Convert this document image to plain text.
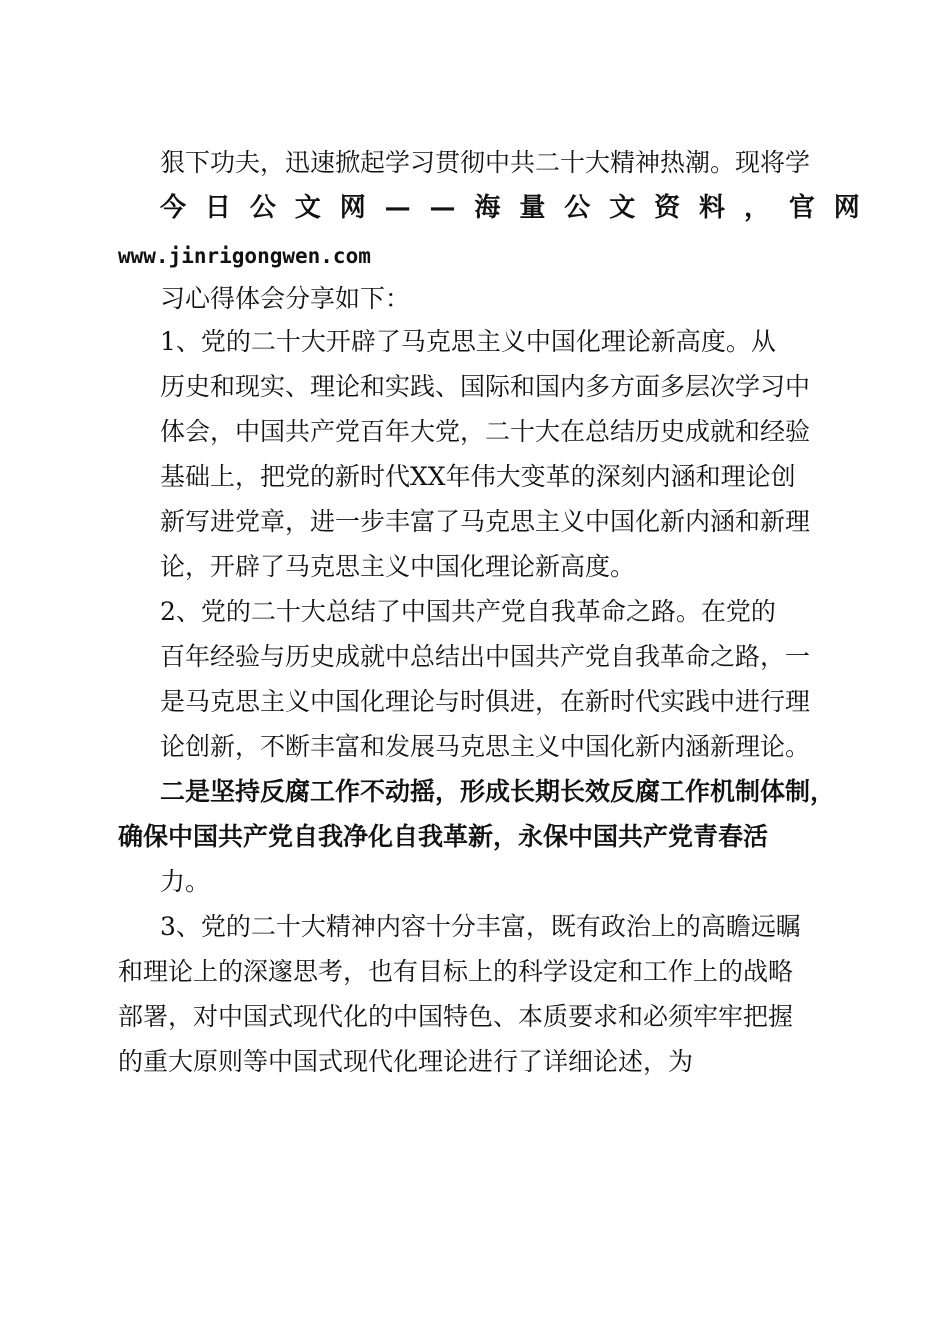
狠下功夫，迅速掀起学习贯彻中共二十大精神热潮。现将学
今 日 公 文 网 — — 海 量 公 文 资 料 ， 官 网
www.jinrigongwen.com
习心得体会分享如下：
1、党的二十大开辟了马克思主义中国化理论新高度。从
历史和现实、理论和实践、国际和国内多方面多层次学习中
体会，中国共产党百年大党，二十大在总结历史成就和经验
基础上，把党的新时代XX年伟大变革的深刻内涵和理论创
新写进党章，进一步丰富了马克思主义中国化新内涵和新理
论，开辟了马克思主义中国化理论新高度。
2、党的二十大总结了中国共产党自我革命之路。在党的
百年经验与历史成就中总结出中国共产党自我革命之路，一
是马克思主义中国化理论与时俱进，在新时代实践中进行理
论创新，不断丰富和发展马克思主义中国化新内涵新理论。
二是坚持反腐工作不动摇，形成长期长效反腐工作机制体制，
确保中国共产党自我净化自我革新，永保中国共产党青春活
力。
3、党的二十大精神内容十分丰富，既有政治上的高瞻远瞩
和理论上的深邃思考，也有目标上的科学设定和工作上的战略
部署，对中国式现代化的中国特色、本质要求和必须牢牢把握
的重大原则等中国式现代化理论进行了详细论述，为
